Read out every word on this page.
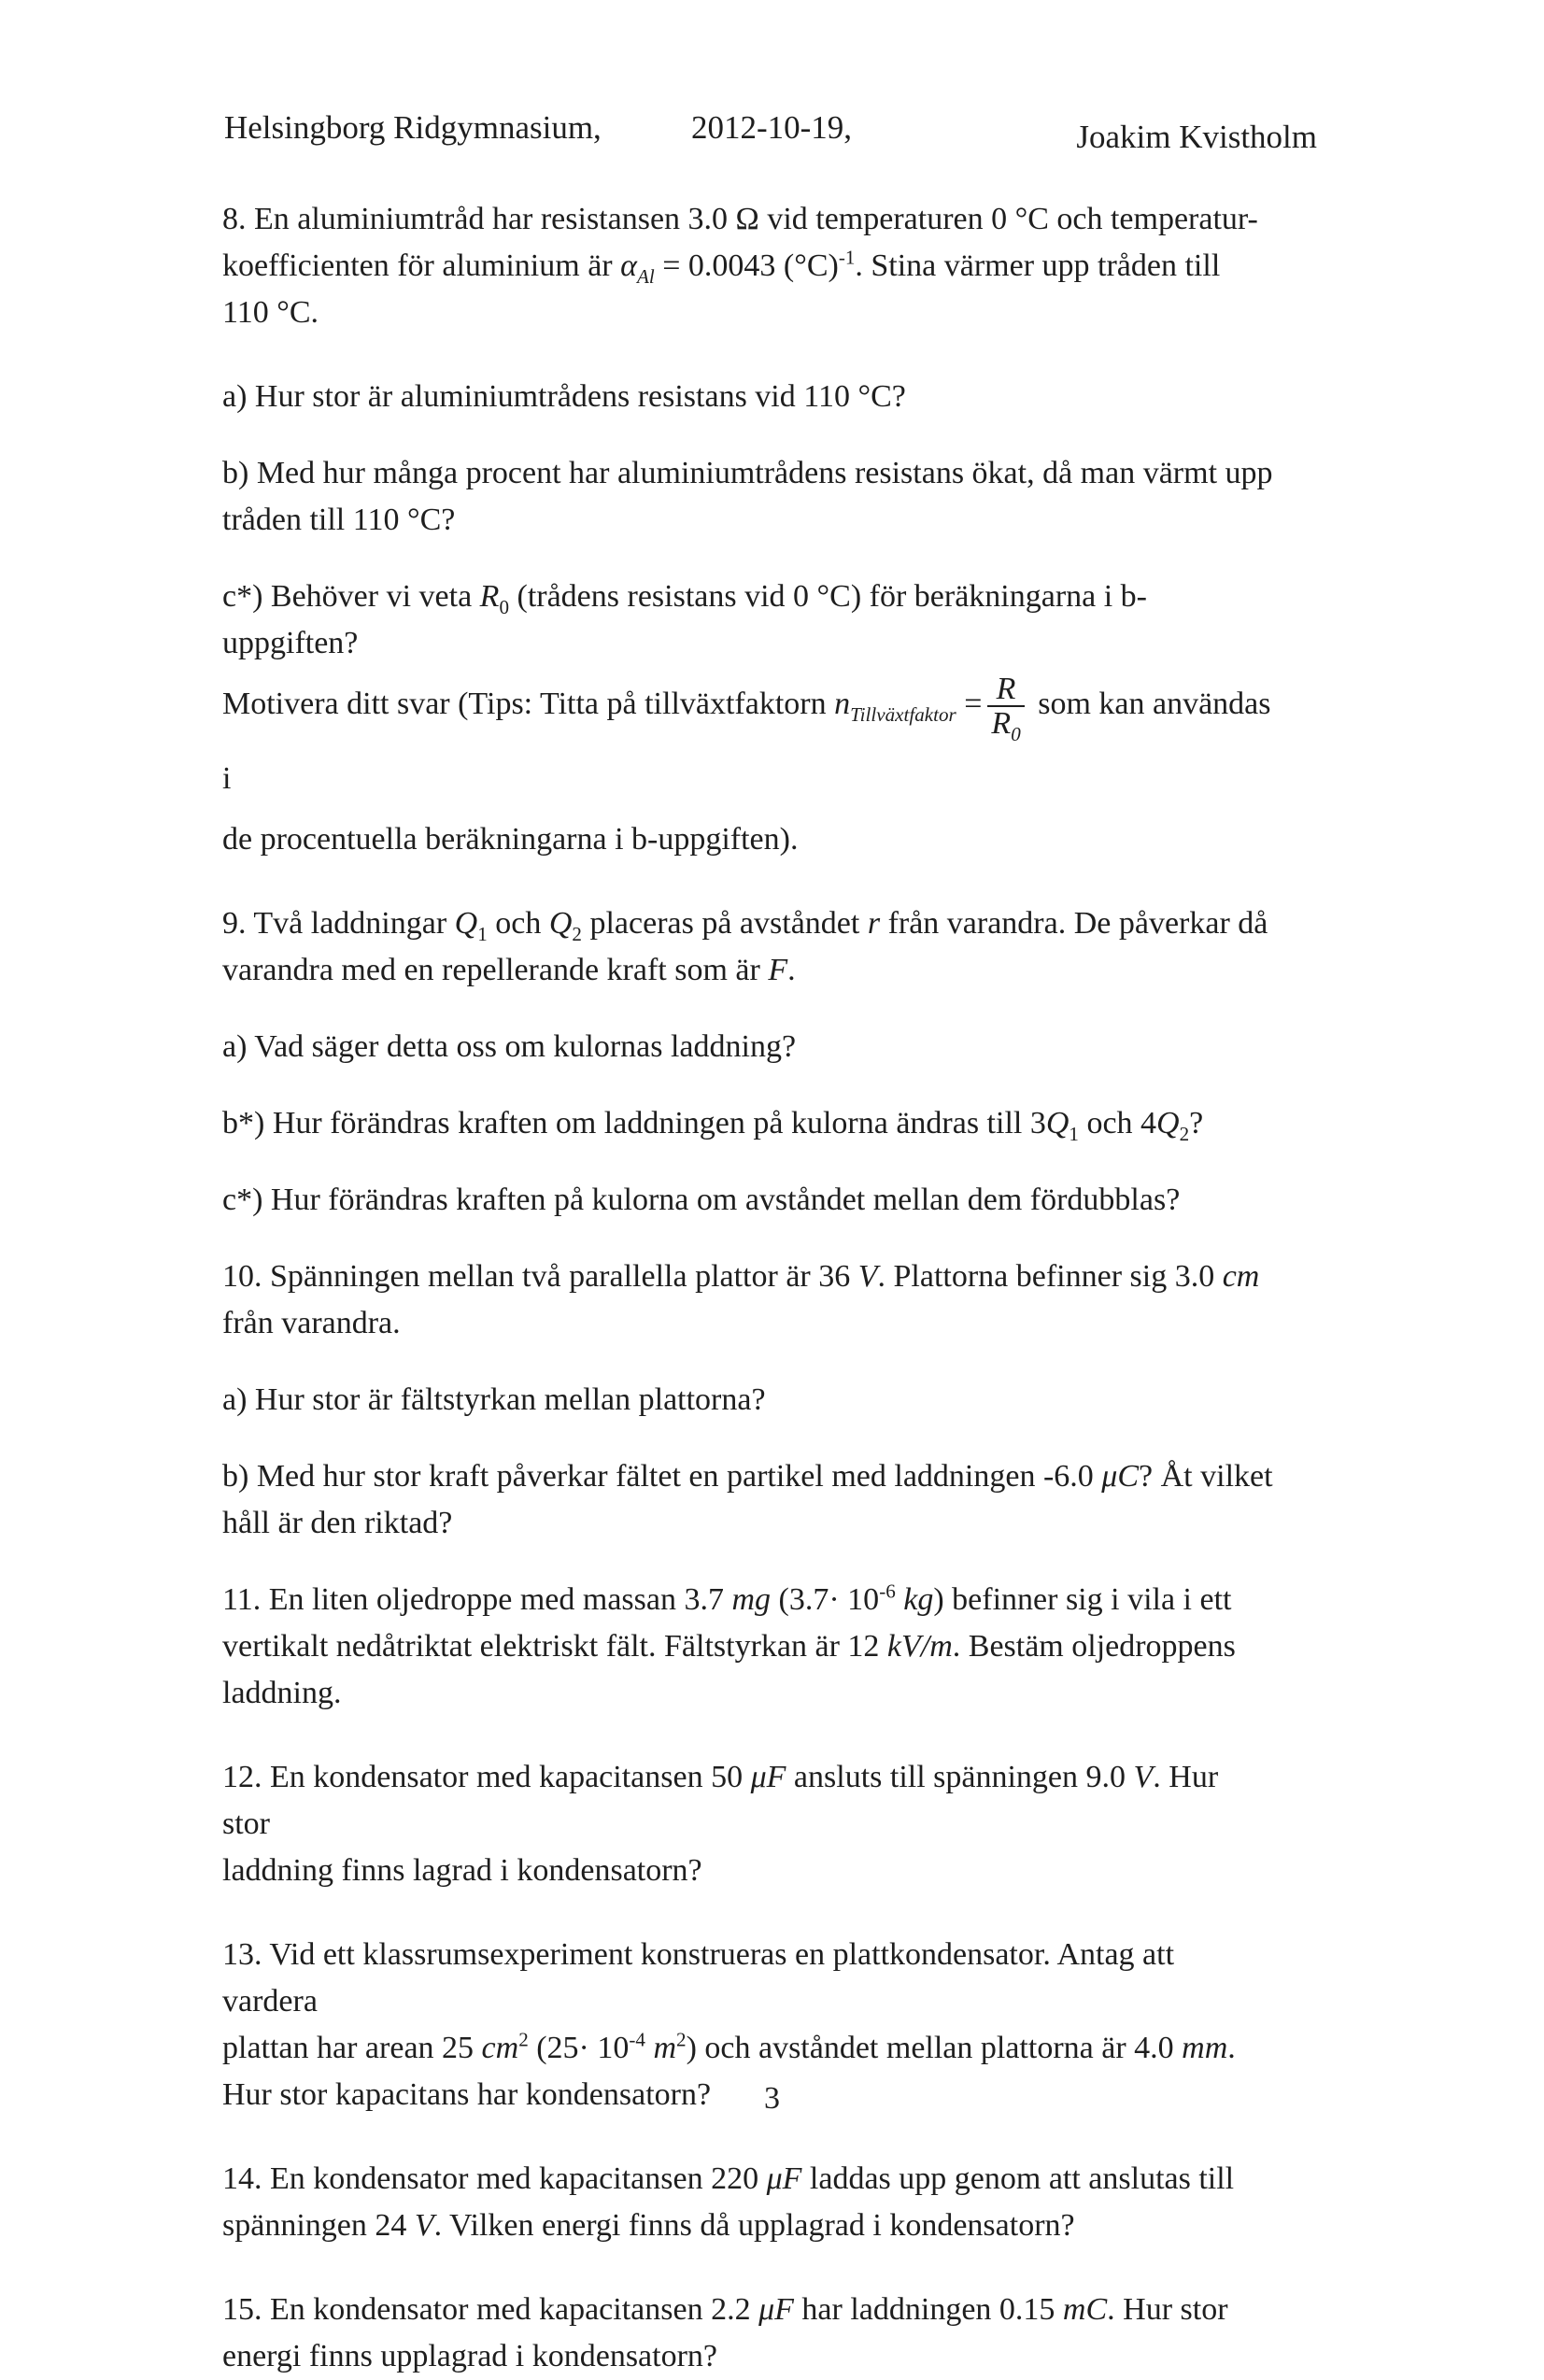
Helsingborg Ridgymnasium,	2012-10-19,	Joakim Kvistholm

8. En aluminiumtråd har resistansen 3.0 Ω vid temperaturen 0 °C och temperatur-

koefficienten för aluminium är $\alpha_{Al} = 0.0043$ $(^\circ C)^{-1}$. Stina värmer upp tråden till

110 °C.

a) Hur stor är aluminiumtrådens resistans vid 110 °C?

b) Med hur många procent har aluminiumtrådens resistans ökat, då man värmt upp

tråden till 110 °C?

c*) Behöver vi veta $R_0$ (trådens resistans vid 0 °C) för beräkningarna i b-uppgiften?

Motivera ditt svar (Tips: Titta på tillväxtfaktorn $n_{Tillväxtfaktor} = \frac{R}{R_0}$ som kan användas i

de procentuella beräkningarna i b-uppgiften).

9. Två laddningar $Q_1$ och $Q_2$ placeras på avståndet r från varandra. De påverkar då

varandra med en repellerande kraft som är F.

a) Vad säger detta oss om kulornas laddning?

b*) Hur förändras kraften om laddningen på kulorna ändras till $3Q_1$ och $4Q_2$?

c*) Hur förändras kraften på kulorna om avståndet mellan dem fördubblas?

10. Spänningen mellan två parallella plattor är 36 V. Plattorna befinner sig 3.0 cm

från varandra.

a) Hur stor är fältstyrkan mellan plattorna?

b) Med hur stor kraft påverkar fältet en partikel med laddningen -6.0 μC? Åt vilket

håll är den riktad?

11. En liten oljedroppe med massan 3.7 mg ($3.7\cdot 10^{-6}$ kg) befinner sig i vila i ett

vertikalt nedåtriktat elektriskt fält. Fältstyrkan är 12 kV/m. Bestäm oljedroppens

laddning.

12. En kondensator med kapacitansen 50 μF ansluts till spänningen 9.0 V. Hur stor

laddning finns lagrad i kondensatorn?

13. Vid ett klassrumsexperiment konstrueras en plattkondensator. Antag att vardera

plattan har arean 25 $cm^2$ ($25\cdot 10^{-4}$ $m^2$) och avståndet mellan plattorna är 4.0 mm.

Hur stor kapacitans har kondensatorn?

14. En kondensator med kapacitansen 220 μF laddas upp genom att anslutas till

spänningen 24 V. Vilken energi finns då upplagrad i kondensatorn?

15. En kondensator med kapacitansen 2.2 μF har laddningen 0.15 mC. Hur stor

energi finns upplagrad i kondensatorn?

3
